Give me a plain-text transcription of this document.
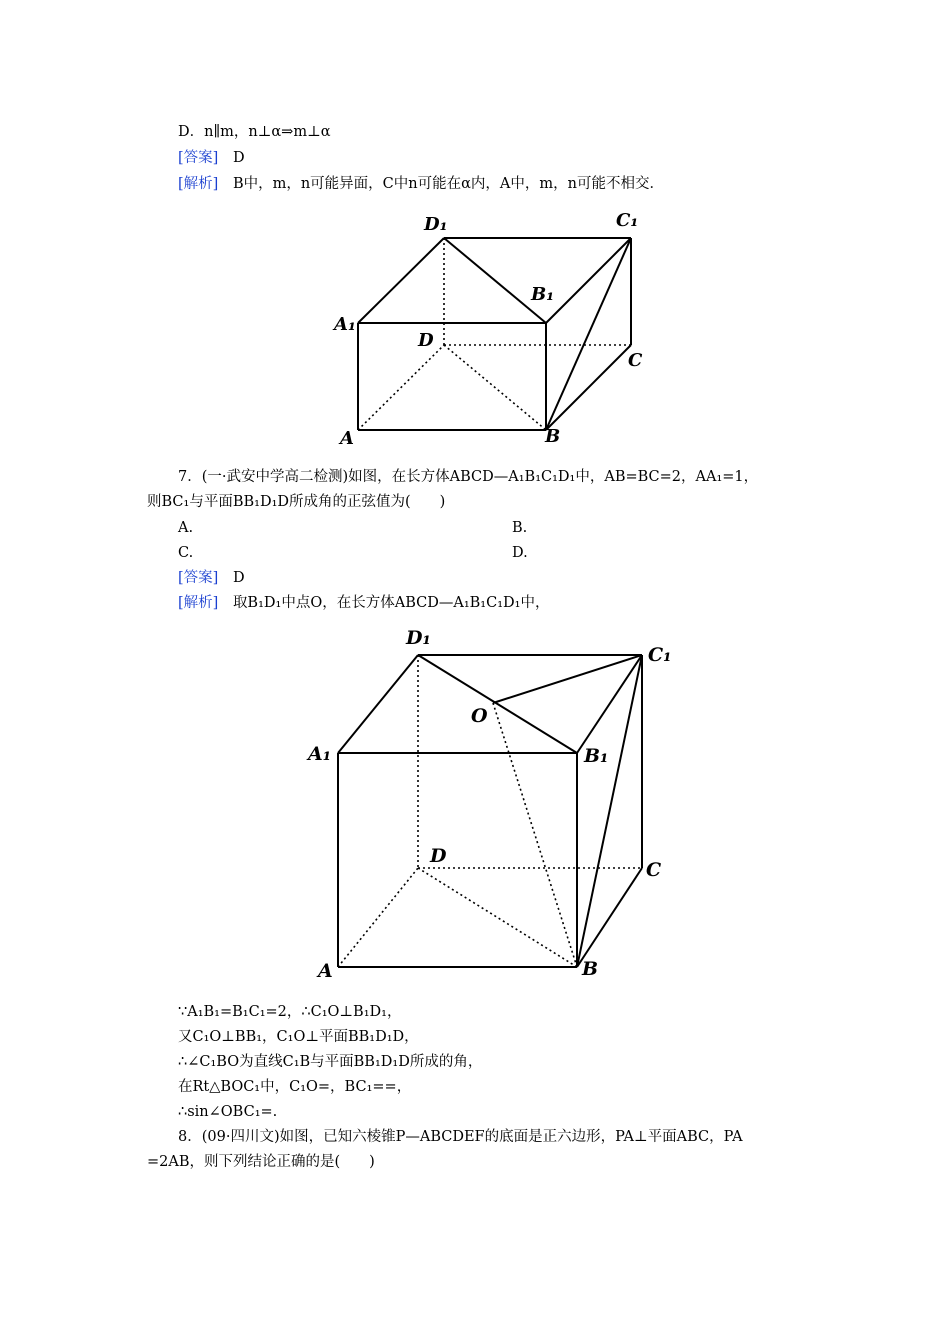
D．n∥m，n⊥α⇒m⊥α
[答案] D
[解析] B中，m，n可能异面，C中n可能在α内，A中，m，n可能不相交．
D₁	C₁
B₁
A₁
D
C
A	B
D₁
C₁
O
A₁	B₁
D
C
A	B
7．(一·武安中学高二检测)如图，在长方体ABCD—A₁B₁C₁D₁中，AB=BC=2，AA₁=1，
则BC₁与平面BB₁D₁D所成角的正弦值为(　　)
A.	B.
C.	D.
[答案] D
[解析] 取B₁D₁中点O，在长方体ABCD—A₁B₁C₁D₁中，
∵A₁B₁=B₁C₁=2，∴C₁O⊥B₁D₁，
又C₁O⊥BB₁，C₁O⊥平面BB₁D₁D，
∴∠C₁BO为直线C₁B与平面BB₁D₁D所成的角，
在Rt△BOC₁中，C₁O=，BC₁==，
∴sin∠OBC₁=.
8．(09·四川文)如图，已知六棱锥P—ABCDEF的底面是正六边形，PA⊥平面ABC，PA
=2AB，则下列结论正确的是(　　)
